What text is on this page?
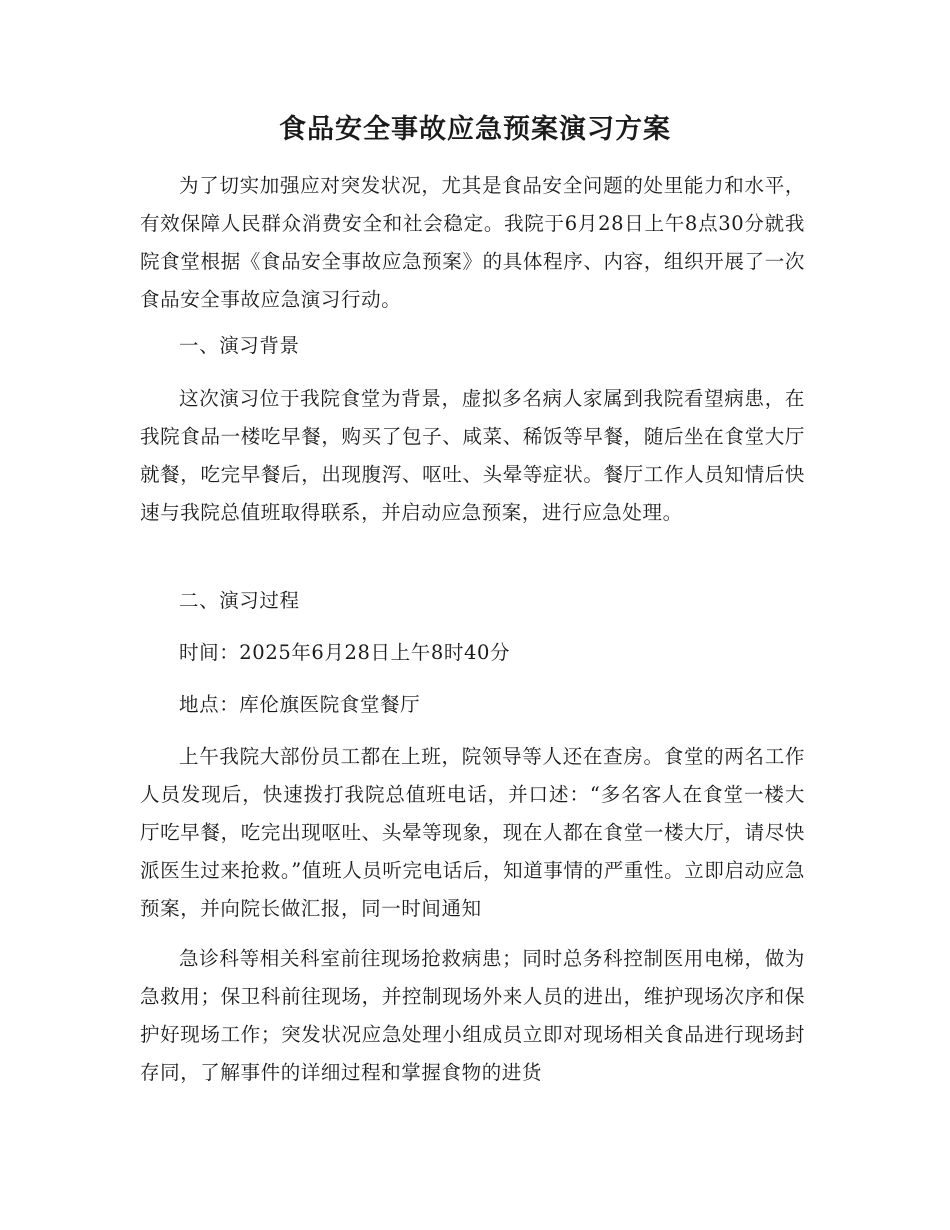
食品安全事故应急预案演习方案

为了切实加强应对突发状况，尤其是食品安全问题的处里能力和水平，有效保障人民群众消费安全和社会稳定。我院于6月28日上午8点30分就我院食堂根据《食品安全事故应急预案》的具体程序、内容，组织开展了一次食品安全事故应急演习行动。

一、演习背景

这次演习位于我院食堂为背景，虚拟多名病人家属到我院看望病患，在我院食品一楼吃早餐，购买了包子、咸菜、稀饭等早餐，随后坐在食堂大厅就餐，吃完早餐后，出现腹泻、呕吐、头晕等症状。餐厅工作人员知情后快速与我院总值班取得联系，并启动应急预案，进行应急处理。

二、演习过程

时间：2025年6月28日上午8时40分

地点：库伦旗医院食堂餐厅

上午我院大部份员工都在上班，院领导等人还在查房。食堂的两名工作人员发现后，快速拨打我院总值班电话，并口述：“多名客人在食堂一楼大厅吃早餐，吃完出现呕吐、头晕等现象，现在人都在食堂一楼大厅，请尽快派医生过来抢救。”值班人员听完电话后，知道事情的严重性。立即启动应急预案，并向院长做汇报，同一时间通知

急诊科等相关科室前往现场抢救病患；同时总务科控制医用电梯，做为急救用；保卫科前往现场，并控制现场外来人员的进出，维护现场次序和保护好现场工作；突发状况应急处理小组成员立即对现场相关食品进行现场封存同，了解事件的详细过程和掌握食物的进货
